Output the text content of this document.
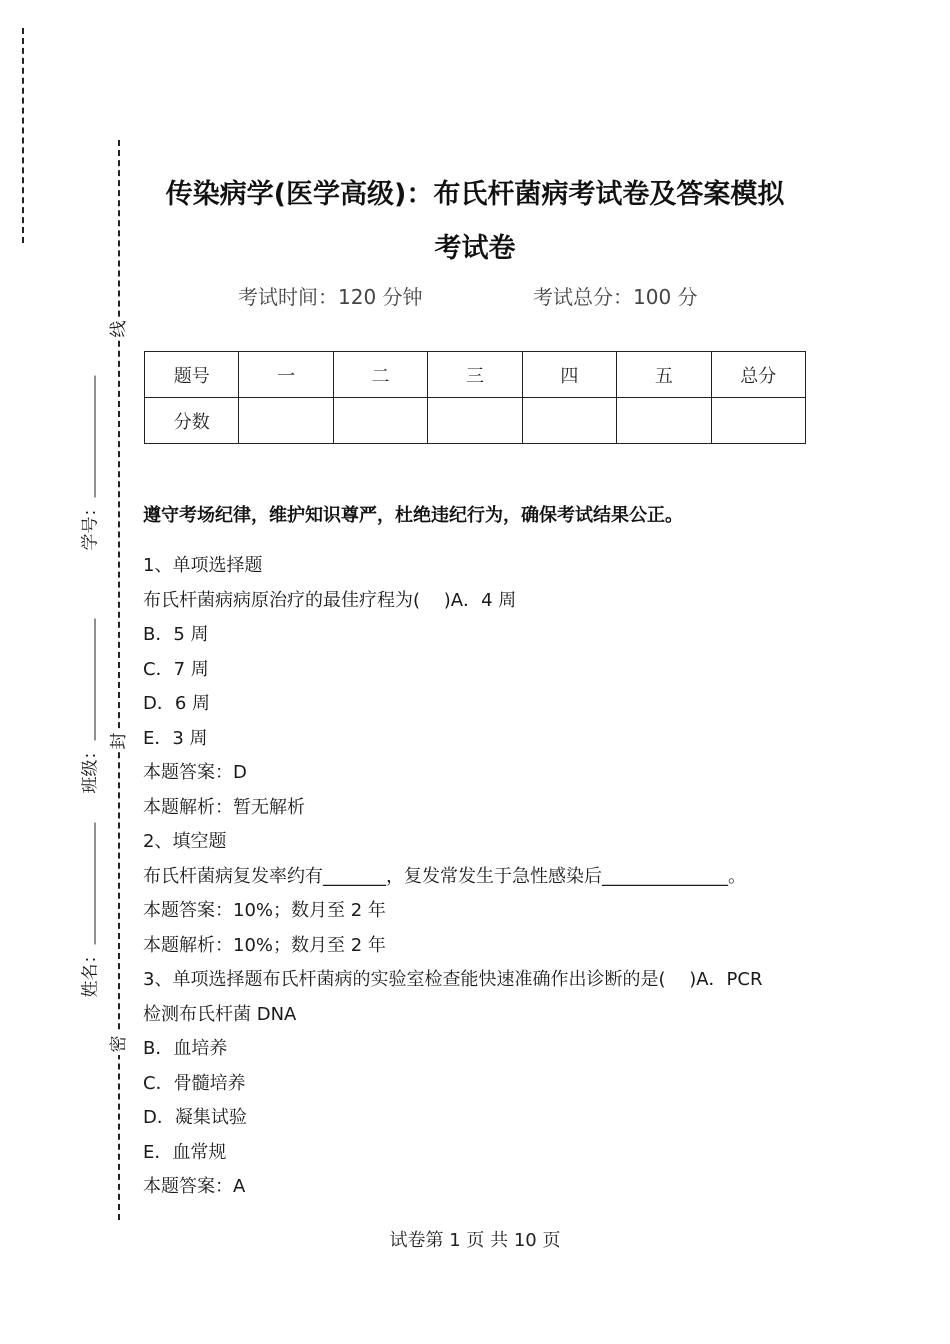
线
封
密
学号：
班级：
姓名：
传染病学(医学高级)：布氏杆菌病考试卷及答案模拟
考试卷
考试时间：120 分钟	考试总分：100 分
题号	一	二	三	四	五	总分
分数						
遵守考场纪律，维护知识尊严，杜绝违纪行为，确保考试结果公正。
1、单项选择题
布氏杆菌病病原治疗的最佳疗程为(　 )A．4 周
B．5 周
C．7 周
D．6 周
E．3 周
本题答案：D
本题解析：暂无解析
2、填空题
布氏杆菌病复发率约有_______，复发常发生于急性感染后______________。
本题答案：10%；数月至 2 年
本题解析：10%；数月至 2 年
3、单项选择题布氏杆菌病的实验室检查能快速准确作出诊断的是(　 )A．PCR
检测布氏杆菌 DNA
B．血培养
C．骨髓培养
D．凝集试验
E．血常规
本题答案：A
试卷第 1 页 共 10 页
